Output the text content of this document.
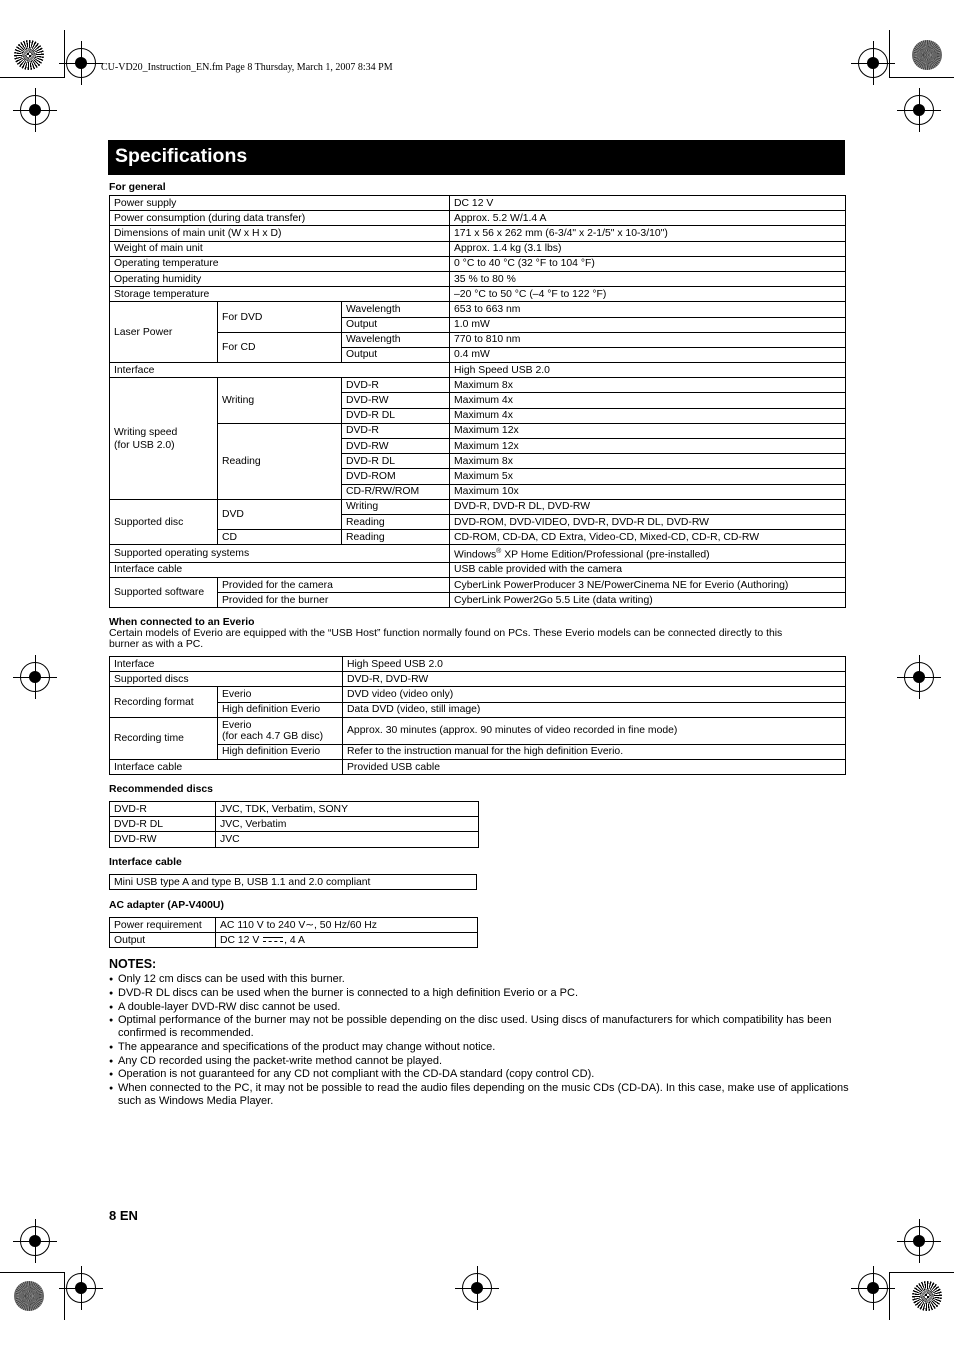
CU-VD20_Instruction_EN.fm Page 8 Thursday, March 1, 2007 8:34 PM
Specifications
For general
Power supply			DC 12 V
Power consumption (during data transfer)			Approx. 5.2 W/1.4 A
Dimensions of main unit (W x H x D)			171 x 56 x 262 mm (6-3/4" x 2-1/5" x 10-3/10")
Weight of main unit			Approx. 1.4 kg (3.1 lbs)
Operating temperature			0 °C to 40 °C (32 °F to 104 °F)
Operating humidity			35 % to 80 %
Storage temperature			–20 °C to 50 °C (–4 °F to 122 °F)
Laser Power	For DVD	Wavelength	653 to 663 nm
		Output	1.0 mW
	For CD	Wavelength	770 to 810 nm
		Output	0.4 mW
Interface			High Speed USB 2.0

Writing speed
(for USB 2.0)	Writing	DVD-R	Maximum 8x
		DVD-RW	Maximum 4x
		DVD-R DL	Maximum 4x
	Reading	DVD-R	Maximum 12x
		DVD-RW	Maximum 12x
		DVD-R DL	Maximum 8x
		DVD-ROM	Maximum 5x
		CD-R/RW/ROM	Maximum 10x
Supported disc	DVD	Writing	DVD-R, DVD-R DL, DVD-RW
		Reading	DVD-ROM, DVD-VIDEO, DVD-R, DVD-R DL, DVD-RW
	CD	Reading	CD-ROM, CD-DA, CD Extra, Video-CD, Mixed-CD, CD-R, CD-RW
Supported operating systems			Windows® XP Home Edition/Professional (pre-installed)
Interface cable			USB cable provided with the camera
Supported software	Provided for the camera		CyberLink PowerProducer 3 NE/PowerCinema NE for Everio (Authoring)
	Provided for the burner		CyberLink Power2Go 5.5 Lite (data writing)
When connected to an Everio
Certain models of Everio are equipped with the “USB Host” function normally found on PCs. These Everio models can be connected directly to this
burner as with a PC.
Interface		High Speed USB 2.0
Supported discs		DVD-R, DVD-RW
Recording format	Everio	DVD video (video only)
	High definition Everio	Data DVD (video, still image)
Recording time	Everio
(for each 4.7 GB disc)	Approx. 30 minutes (approx. 90 minutes of video recorded in fine mode)
	High definition Everio	Refer to the instruction manual for the high definition Everio.
Interface cable		Provided USB cable
Recommended discs
DVD-R	JVC, TDK, Verbatim, SONY
DVD-R DL	JVC, Verbatim
DVD-RW	JVC
Interface cable
Mini USB type A and type B, USB 1.1 and 2.0 compliant
AC adapter (AP-V400U)
Power requirement	AC 110 V to 240 V∼, 50 Hz/60 Hz
Output	DC 12 V , 4 A
NOTES:
● Only 12 cm discs can be used with this burner.
● DVD-R DL discs can be used when the burner is connected to a high definition Everio or a PC.
● A double-layer DVD-RW disc cannot be used.
● Optimal performance of the burner may not be possible depending on the disc used. Using discs of manufacturers for which compatibility has been confirmed is recommended.
● The appearance and specifications of the product may change without notice.
● Any CD recorded using the packet-write method cannot be played.
● Operation is not guaranteed for any CD not compliant with the CD-DA standard (copy control CD).
● When connected to the PC, it may not be possible to read the audio files depending on the music CDs (CD-DA). In this case, make use of applications such as Windows Media Player.
8 EN
